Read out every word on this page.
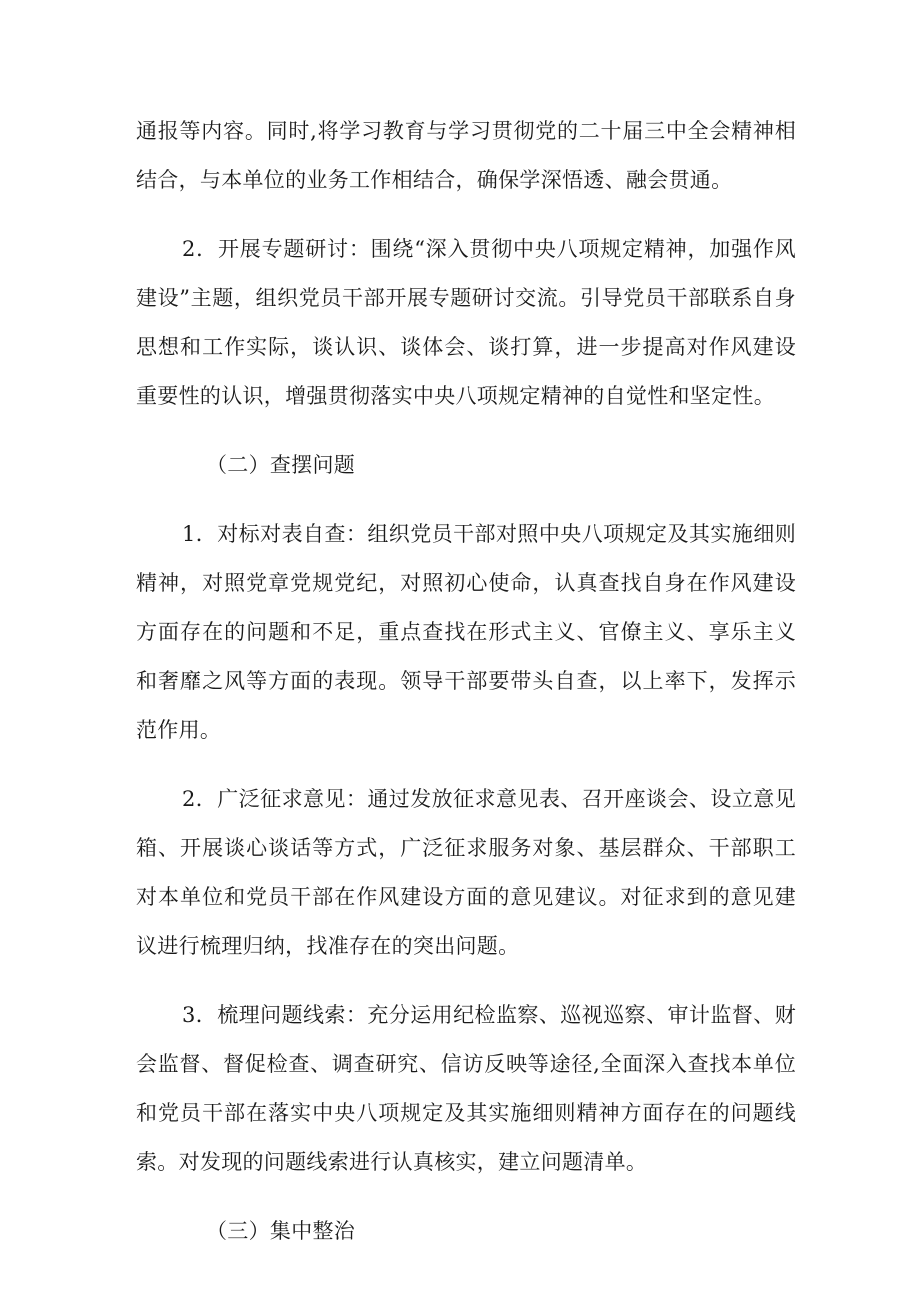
通报等内容。同时,将学习教育与学习贯彻党的二十届三中全会精神相结合，与本单位的业务工作相结合，确保学深悟透、融会贯通。

2．开展专题研讨：围绕“深入贯彻中央八项规定精神，加强作风建设”主题，组织党员干部开展专题研讨交流。引导党员干部联系自身思想和工作实际，谈认识、谈体会、谈打算，进一步提高对作风建设重要性的认识，增强贯彻落实中央八项规定精神的自觉性和坚定性。

（二）查摆问题

1．对标对表自查：组织党员干部对照中央八项规定及其实施细则精神，对照党章党规党纪，对照初心使命，认真查找自身在作风建设方面存在的问题和不足，重点查找在形式主义、官僚主义、享乐主义和奢靡之风等方面的表现。领导干部要带头自查，以上率下，发挥示范作用。

2．广泛征求意见：通过发放征求意见表、召开座谈会、设立意见箱、开展谈心谈话等方式，广泛征求服务对象、基层群众、干部职工对本单位和党员干部在作风建设方面的意见建议。对征求到的意见建议进行梳理归纳，找准存在的突出问题。

3．梳理问题线索：充分运用纪检监察、巡视巡察、审计监督、财会监督、督促检查、调查研究、信访反映等途径,全面深入查找本单位和党员干部在落实中央八项规定及其实施细则精神方面存在的问题线索。对发现的问题线索进行认真核实，建立问题清单。

（三）集中整治
